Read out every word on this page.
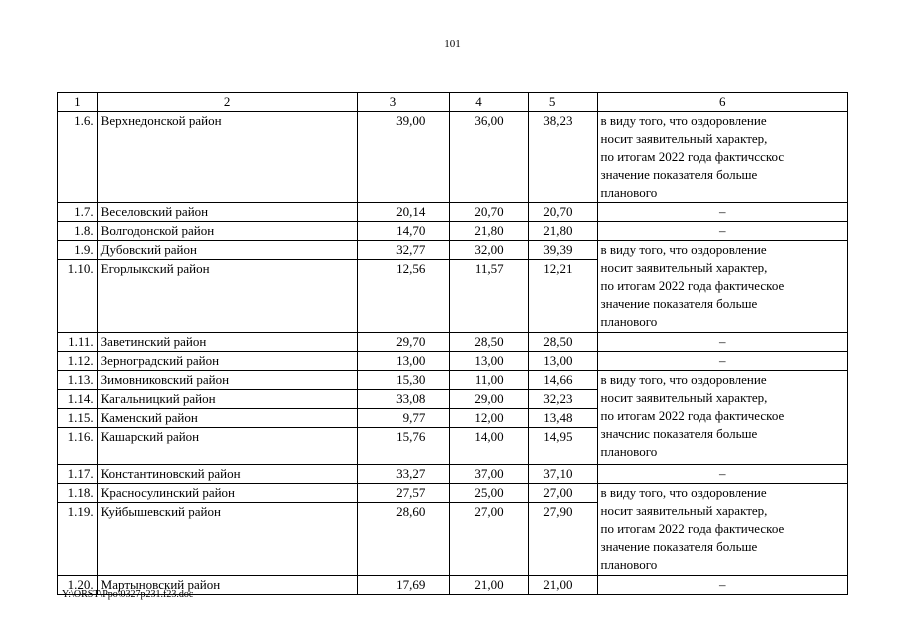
101
1	2	3	4	5	6
1.6.	Верхнедонской район	39,00	36,00	38,23	в виду того, что оздоровление
носит заявительный характер,
по итогам 2022 года фактичсскос
значение показателя больше
планового

1.7.	Веселовский район	20,14	20,70	20,70	–
1.8.	Волгодонской район	14,70	21,80	21,80	–
1.9.	Дубовский район	32,77	32,00	39,39	в виду того, что оздоровление
носит заявительный характер,
по итогам 2022 года фактическое
значение показателя больше
планового

1.10.	Егорлыкский район	12,56	11,57	12,21	
1.11.	Заветинский район	29,70	28,50	28,50	–
1.12.	Зерноградский район	13,00	13,00	13,00	–
1.13.	Зимовниковский район	15,30	11,00	14,66	в виду того, что оздоровление
носит заявительный характер,
по итогам 2022 года фактическое
значснис показателя больше
планового

1.14.	Кагальницкий район	33,08	29,00	32,23	
1.15.	Каменский район	9,77	12,00	13,48	
1.16.	Кашарский район	15,76	14,00	14,95	
1.17.	Константиновский район	33,27	37,00	37,10	–
1.18.	Красносулинский район	27,57	25,00	27,00	в виду того, что оздоровление
носит заявительный характер,
по итогам 2022 года фактическое
значение показателя больше
планового

1.19.	Куйбышевский район	28,60	27,00	27,90	
1.20.	Мартыновский район	17,69	21,00	21,00	–
Y:\ORST\Ppo\0327p231.f23.doc
